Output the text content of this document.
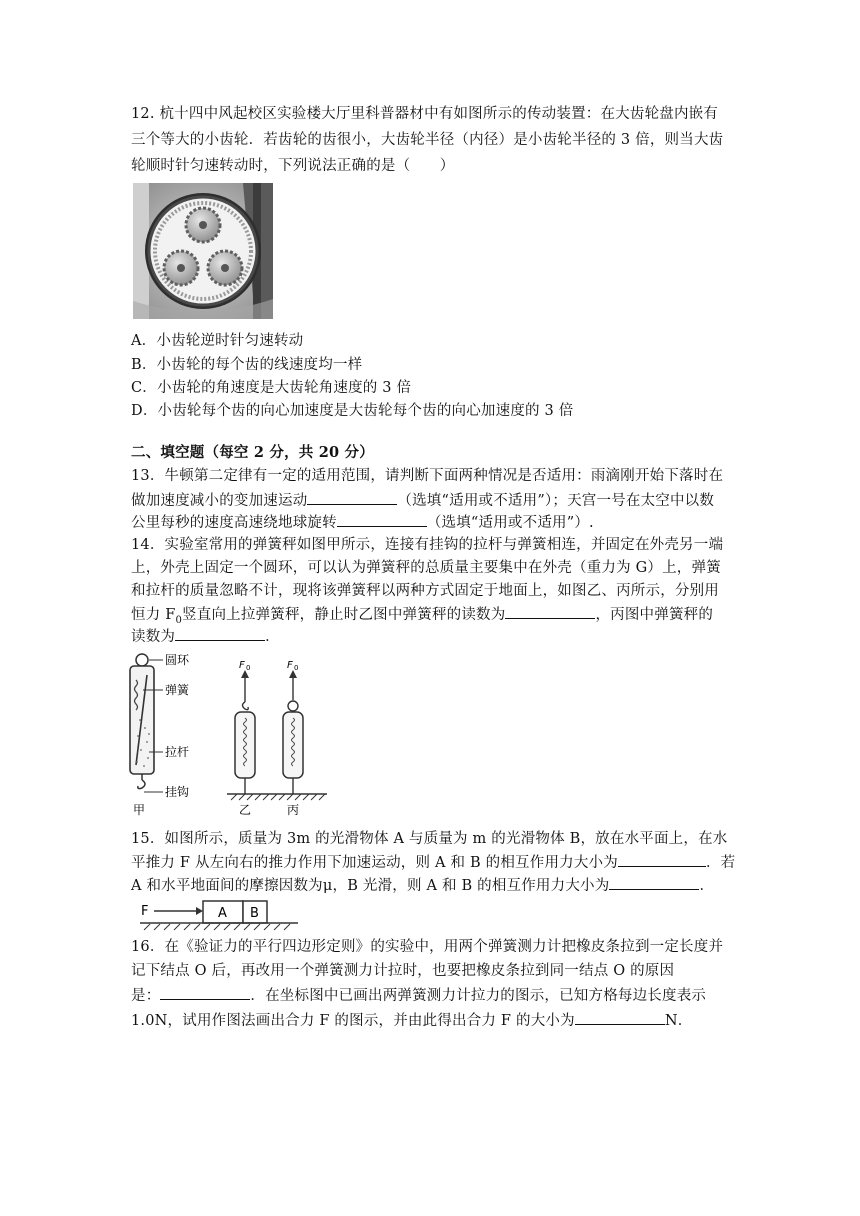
12. 杭十四中风起校区实验楼大厅里科普器材中有如图所示的传动装置：在大齿轮盘内嵌有
三个等大的小齿轮．若齿轮的齿很小，大齿轮半径（内径）是小齿轮半径的 3 倍，则当大齿
轮顺时针匀速转动时，下列说法正确的是（　　）
A．小齿轮逆时针匀速转动
B．小齿轮的每个齿的线速度均一样
C．小齿轮的角速度是大齿轮角速度的 3 倍
D．小齿轮每个齿的向心加速度是大齿轮每个齿的向心加速度的 3 倍
二、填空题（每空 2 分，共 20 分）
13．牛顿第二定律有一定的适用范围，请判断下面两种情况是否适用：雨滴刚开始下落时在
做加速度减小的变加速运动	（选填“适用或不适用”）；天宫一号在太空中以数
公里每秒的速度高速绕地球旋转	（选填“适用或不适用”）.
14．实验室常用的弹簧秤如图甲所示，连接有挂钩的拉杆与弹簧相连，并固定在外壳另一端
上，外壳上固定一个圆环，可以认为弹簧秤的总质量主要集中在外壳（重力为 G）上，弹簧
和拉杆的质量忽略不计，现将该弹簧秤以两种方式固定于地面上，如图乙、丙所示，分别用
恒力 $F_0$竖直向上拉弹簧秤，静止时乙图中弹簧秤的读数为	，丙图中弹簧秤的
读数为	．
圆环
弹簧
拉杆
挂钩
甲
F 0
乙
F 0
丙
15．如图所示，质量为 3m 的光滑物体 A 与质量为 m 的光滑物体 B，放在水平面上，在水
平推力 F 从左向右的推力作用下加速运动，则 A 和 B 的相互作用力大小为	．若
A 和水平地面间的摩擦因数为μ，B 光滑，则 A 和 B 的相互作用力大小为	．
F	A B
16．在《验证力的平行四边形定则》的实验中，用两个弹簧测力计把橡皮条拉到一定长度并
记下结点 O 后，再改用一个弹簧测力计拉时，也要把橡皮条拉到同一结点 O 的原因
是：	．在坐标图中已画出两弹簧测力计拉力的图示，已知方格每边长度表示
1.0N，试用作图法画出合力 F 的图示，并由此得出合力 F 的大小为	N．
